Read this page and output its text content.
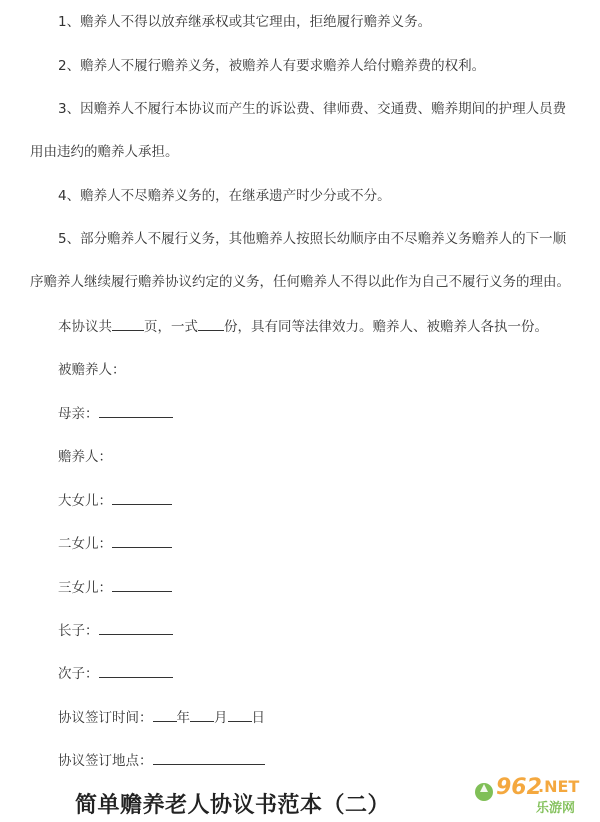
1、赡养人不得以放弃继承权或其它理由，拒绝履行赡养义务。

2、赡养人不履行赡养义务，被赡养人有要求赡养人给付赡养费的权利。

3、因赡养人不履行本协议而产生的诉讼费、律师费、交通费、赡养期间的护理人员费

用由违约的赡养人承担。

4、赡养人不尽赡养义务的，在继承遗产时少分或不分。

5、部分赡养人不履行义务，其他赡养人按照长幼顺序由不尽赡养义务赡养人的下一顺

序赡养人继续履行赡养协议约定的义务，任何赡养人不得以此作为自己不履行义务的理由。

本协议共 页，一式 份，具有同等法律效力。赡养人、被赡养人各执一份。

被赡养人：

母亲：

赡养人：

大女儿：

二女儿：

三女儿：

长子：

次子：

协议签订时间： 年 月 日

协议签订地点：

简单赡养老人协议书范本（二）
962
.NET
乐游网
